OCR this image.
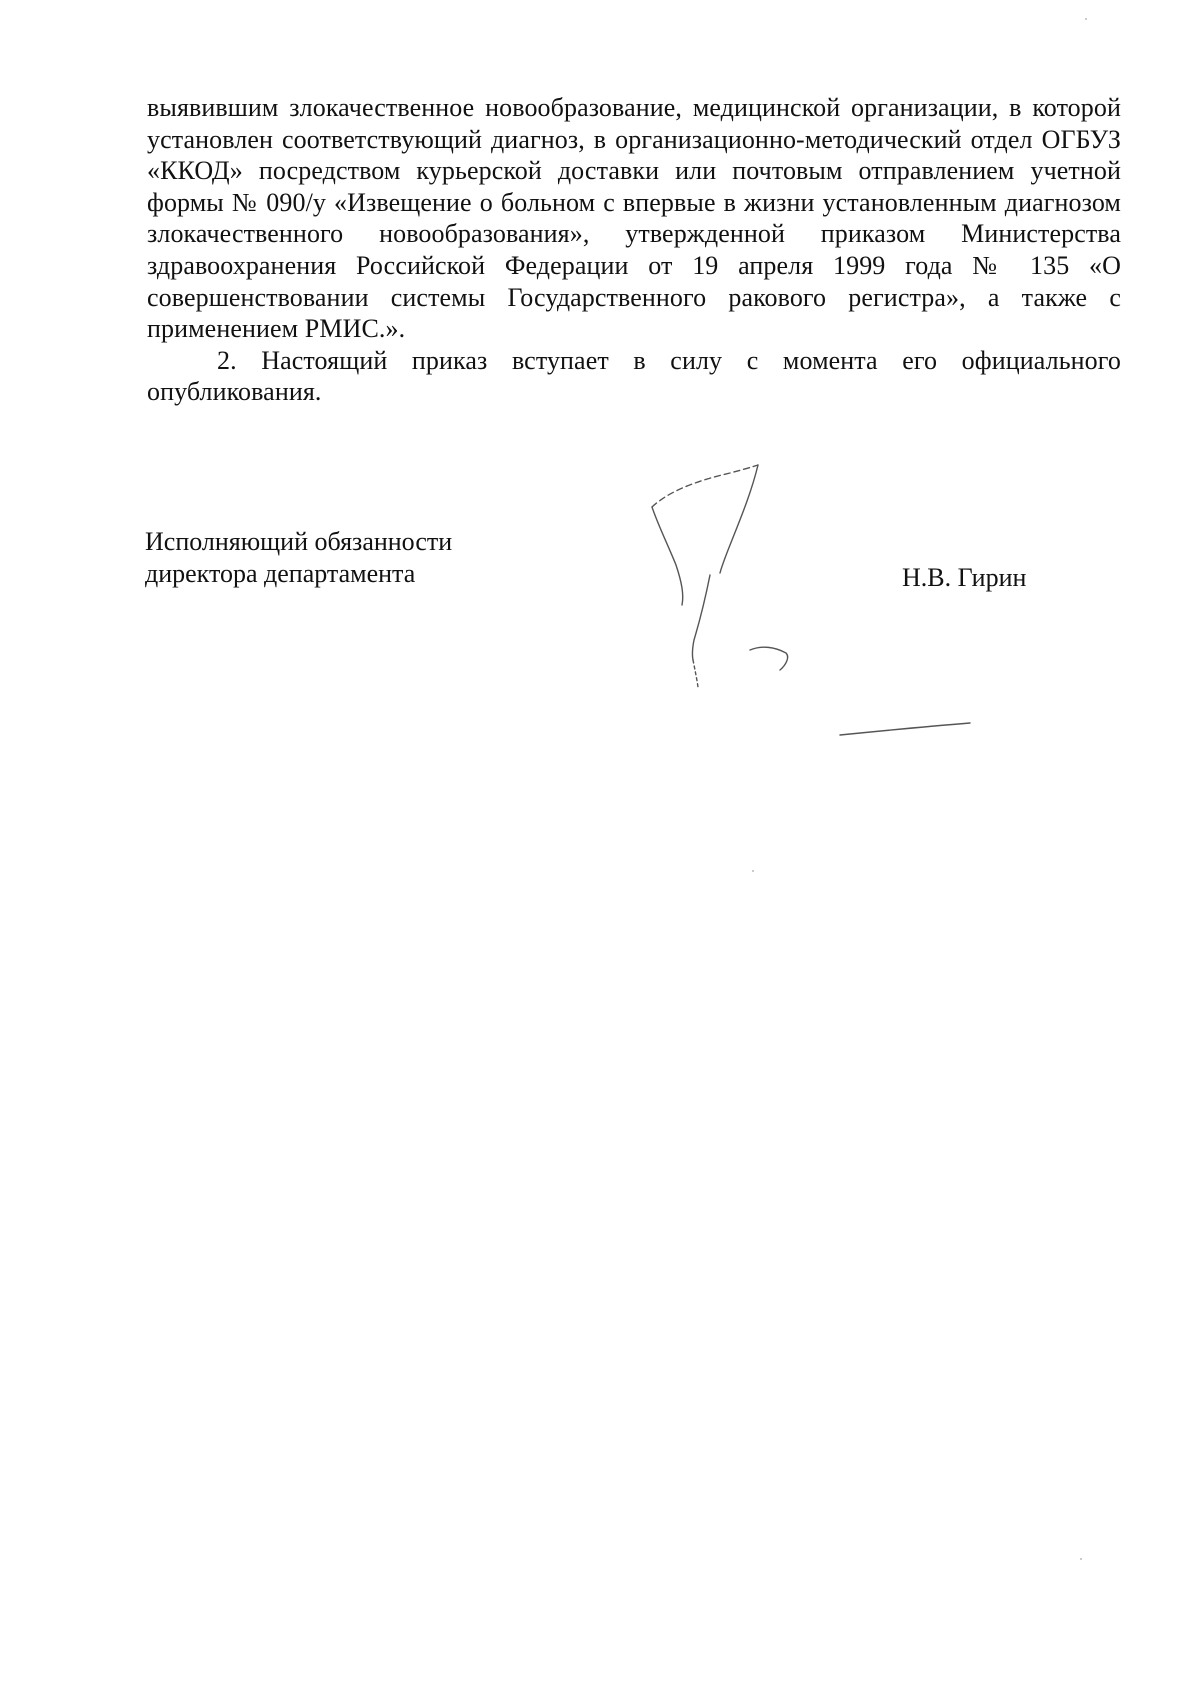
выявившим злокачественное новообразование, медицинской организации, в которой установлен соответствующий диагноз, в организационно-методический отдел ОГБУЗ «ККОД» посредством курьерской доставки или почтовым отправлением учетной формы № 090/у «Извещение о больном с впервые в жизни установленным диагнозом злокачественного новообразования», утвержденной приказом Министерства здравоохранения Российской Федерации от 19 апреля 1999 года № 135 «О совершенствовании системы Государственного ракового регистра», а также с применением РМИС.».

2. Настоящий приказ вступает в силу с момента его официального опубликования.

Исполняющий обязанности
директора департамента	Н.В. Гирин
